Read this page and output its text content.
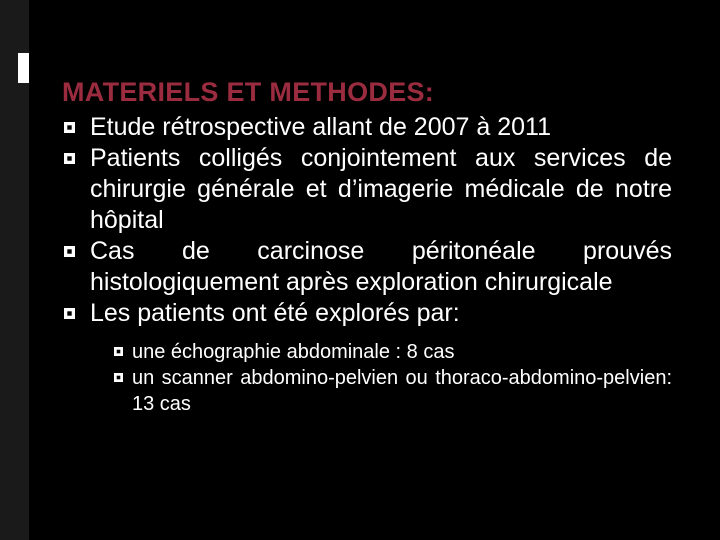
MATERIELS ET METHODES:
Etude rétrospective allant de 2007 à 2011
Patients colligés conjointement aux services de chirurgie générale et d’imagerie médicale de notre hôpital
Cas de carcinose péritonéale prouvés histologiquement après exploration chirurgicale
Les patients ont été explorés par:
une échographie abdominale : 8 cas
un scanner abdomino-pelvien ou thoraco-abdomino-pelvien: 13 cas
